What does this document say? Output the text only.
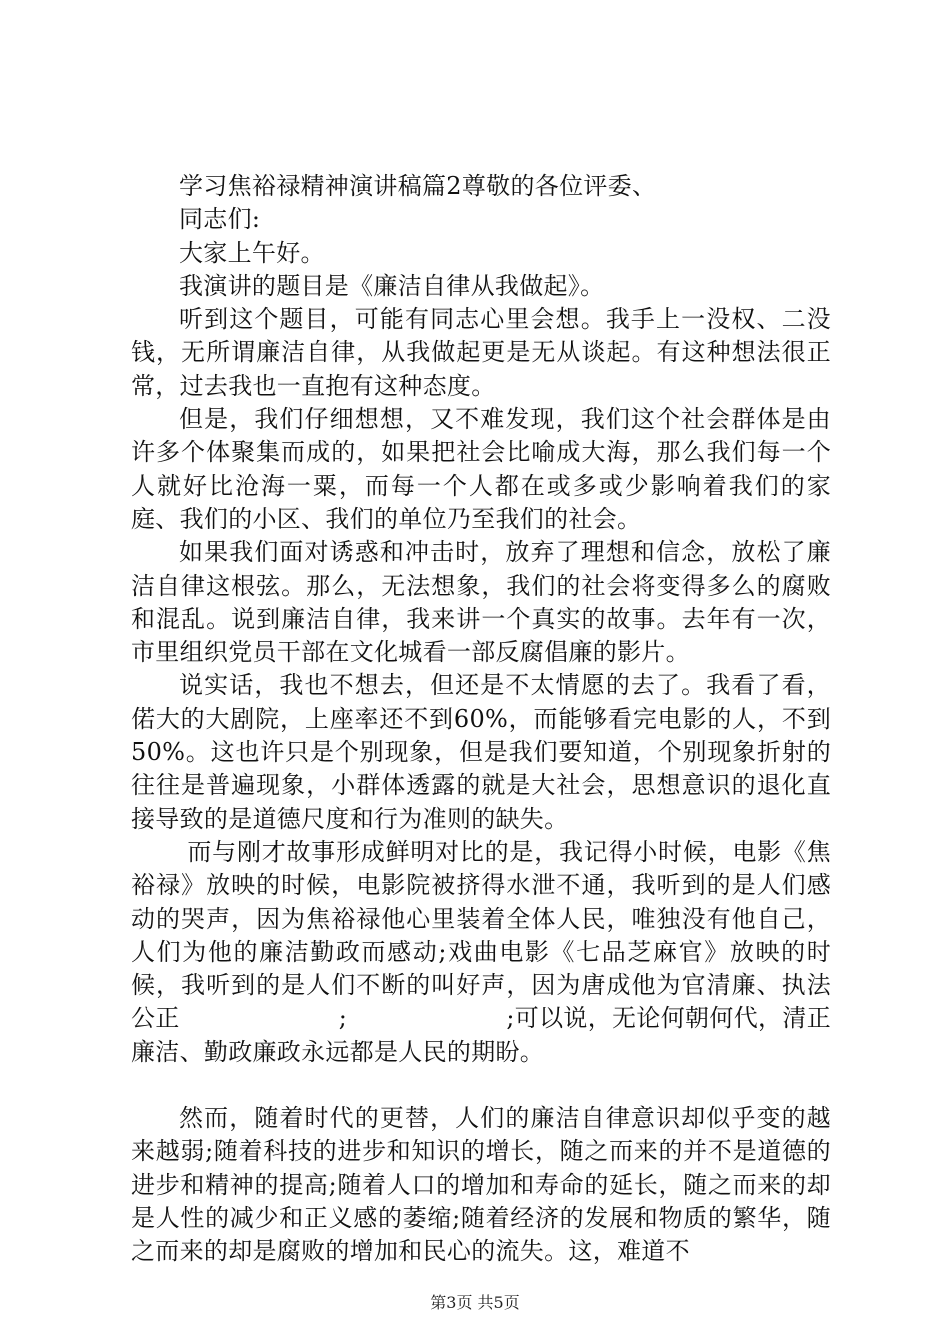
学习焦裕禄精神演讲稿篇2尊敬的各位评委、

同志们:

大家上午好。

我演讲的题目是《廉洁自律从我做起》。

听到这个题目，可能有同志心里会想。我手上一没权、二没钱，无所谓廉洁自律，从我做起更是无从谈起。有这种想法很正常，过去我也一直抱有这种态度。

但是，我们仔细想想，又不难发现，我们这个社会群体是由许多个体聚集而成的，如果把社会比喻成大海，那么我们每一个人就好比沧海一粟，而每一个人都在或多或少影响着我们的家庭、我们的小区、我们的单位乃至我们的社会。

如果我们面对诱惑和冲击时，放弃了理想和信念，放松了廉洁自律这根弦。那么，无法想象，我们的社会将变得多么的腐败和混乱。说到廉洁自律，我来讲一个真实的故事。去年有一次，市里组织党员干部在文化城看一部反腐倡廉的影片。

说实话，我也不想去，但还是不太情愿的去了。我看了看，偌大的大剧院，上座率还不到60%，而能够看完电影的人，不到50%。这也许只是个别现象，但是我们要知道，个别现象折射的往往是普遍现象，小群体透露的就是大社会，思想意识的退化直接导致的是道德尺度和行为准则的缺失。

而与刚才故事形成鲜明对比的是，我记得小时候，电影《焦裕禄》放映的时候，电影院被挤得水泄不通，我听到的是人们感动的哭声，因为焦裕禄他心里装着全体人民，唯独没有他自己，人们为他的廉洁勤政而感动;戏曲电影《七品芝麻官》放映的时候，我听到的是人们不断的叫好声，因为唐成他为官清廉、执法公正                    ;                    ;可以说，无论何朝何代，清正廉洁、勤政廉政永远都是人民的期盼。

然而，随着时代的更替，人们的廉洁自律意识却似乎变的越来越弱;随着科技的进步和知识的增长，随之而来的并不是道德的进步和精神的提高;随着人口的增加和寿命的延长，随之而来的却是人性的减少和正义感的萎缩;随着经济的发展和物质的繁华，随之而来的却是腐败的增加和民心的流失。这，难道不

第3页 共5页
